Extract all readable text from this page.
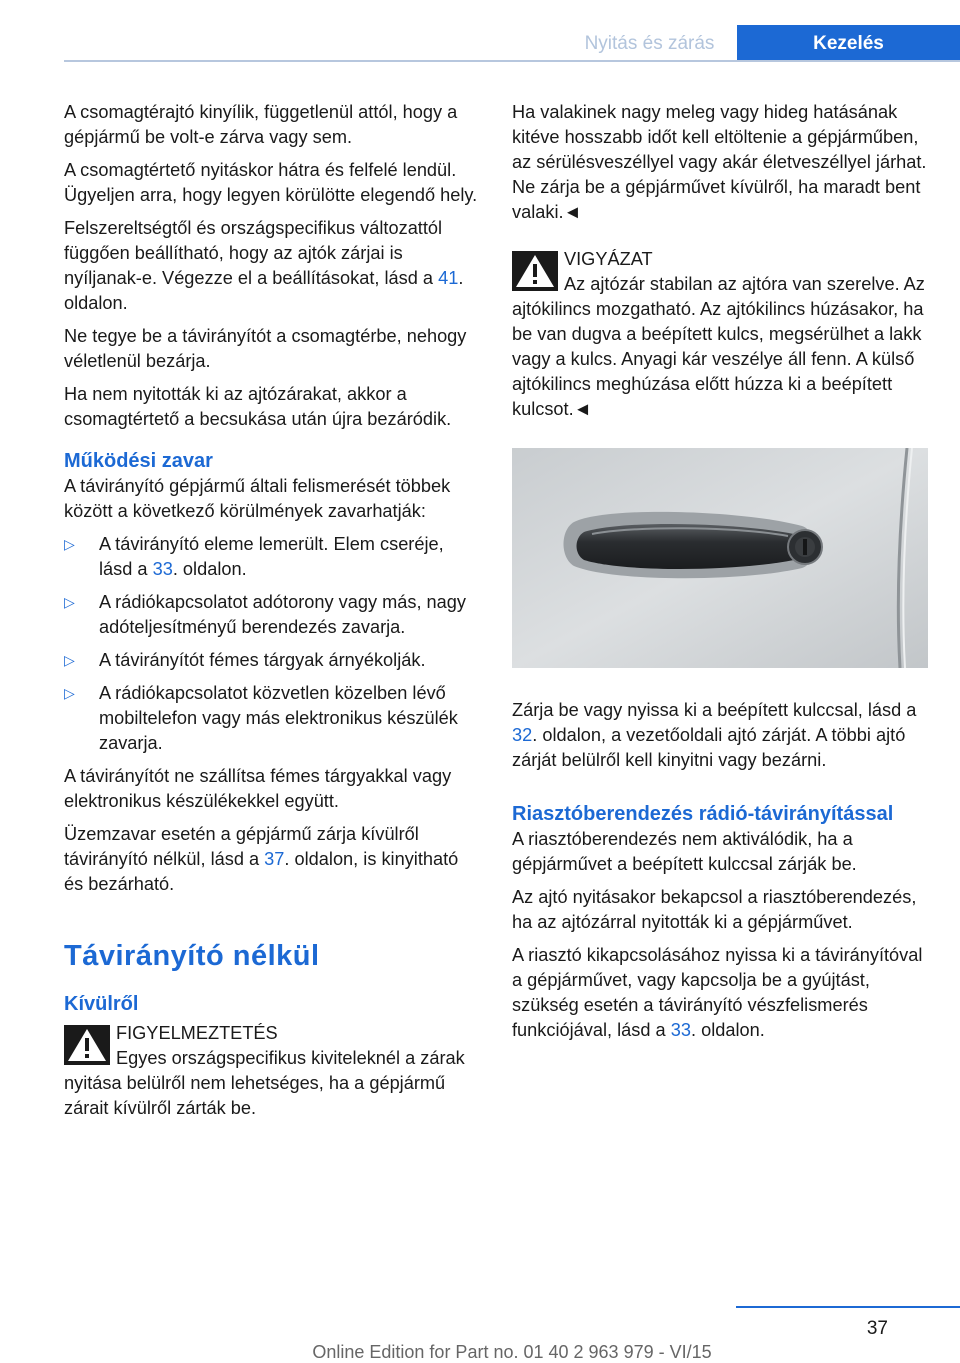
Nyitás és zárás	Kezelés

A csomagtérajtó kinyílik, függetlenül attól, hogy a gépjármű be volt-e zárva vagy sem.

A csomagtértető nyitáskor hátra és felfelé lendül. Ügyeljen arra, hogy legyen körülötte elegendő hely.

Felszereltségtől és országspecifikus változattól függően beállítható, hogy az ajtók zárjai is nyíljanak-e. Végezze el a beállításokat, lásd a 41. oldalon.

Ne tegye be a távirányítót a csomagtérbe, nehogy véletlenül bezárja.

Ha nem nyitották ki az ajtózárakat, akkor a csomagtértető a becsukása után újra bezáródik.

Működési zavar

A távirányító gépjármű általi felismerését többek között a következő körülmények zavarhatják:

▷ A távirányító eleme lemerült. Elem cseréje, lásd a 33. oldalon.
▷ A rádiókapcsolatot adótorony vagy más, nagy adóteljesítményű berendezés zavarja.
▷ A távirányítót fémes tárgyak árnyékolják.
▷ A rádiókapcsolatot közvetlen közelben lévő mobiltelefon vagy más elektronikus készülék zavarja.

A távirányítót ne szállítsa fémes tárgyakkal vagy elektronikus készülékekkel együtt.

Üzemzavar esetén a gépjármű zárja kívülről távirányító nélkül, lásd a 37. oldalon, is kinyitható és bezárható.

Távirányító nélkül
Kívülről
FIGYELMEZTETÉS
Egyes országspecifikus kiviteleknél a zárak nyitása belülről nem lehetséges, ha a gépjármű zárait kívülről zárták be.

Ha valakinek nagy meleg vagy hideg hatásának kitéve hosszabb időt kell eltöltenie a gépjárműben, az sérülésveszéllyel vagy akár életveszéllyel járhat. Ne zárja be a gépjárművet kívülről, ha maradt bent valaki.◄

VIGYÁZAT
Az ajtózár stabilan az ajtóra van szerelve. Az ajtókilincs mozgatható. Az ajtókilincs húzásakor, ha be van dugva a beépített kulcs, megsérülhet a lakk vagy a kulcs. Anyagi kár veszélye áll fenn. A külső ajtókilincs meghúzása előtt húzza ki a beépített kulcsot.◄

Zárja be vagy nyissa ki a beépített kulccsal, lásd a 32. oldalon, a vezetőoldali ajtó zárját. A többi ajtó zárját belülről kell kinyitni vagy bezárni.

Riasztóberendezés rádió-távirányítással

A riasztóberendezés nem aktiválódik, ha a gépjárművet a beépített kulccsal zárják be.

Az ajtó nyitásakor bekapcsol a riasztóberendezés, ha az ajtózárral nyitották ki a gépjárművet.

A riasztó kikapcsolásához nyissa ki a távirányítóval a gépjárművet, vagy kapcsolja be a gyújtást, szükség esetén a távirányító vészfelismerés funkciójával, lásd a 33. oldalon.

37
Online Edition for Part no. 01 40 2 963 979 - VI/15
